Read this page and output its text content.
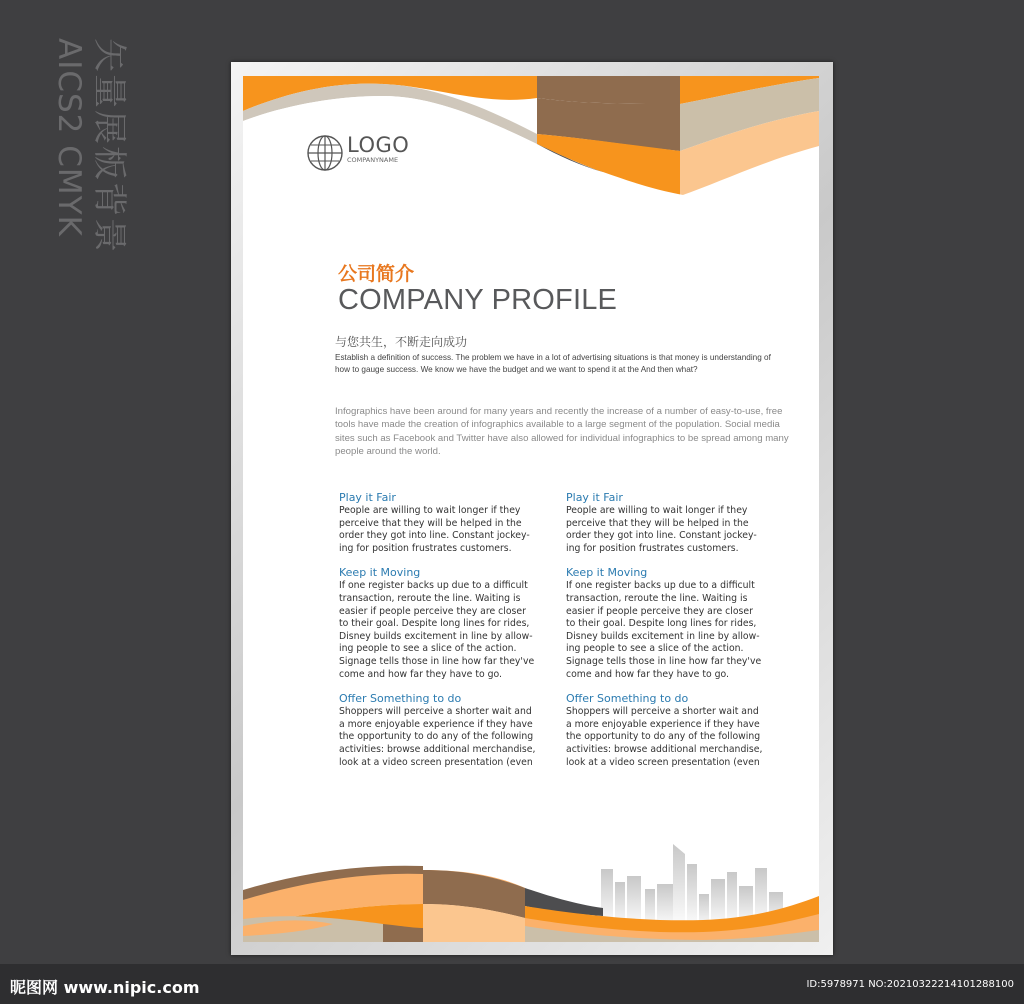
矢量展板背景
AICS2 CMYK	LOGO
COMPANYNAME
公司简介
COMPANY PROFILE
与您共生，不断走向成功
Establish a definition of success. The problem we have in a lot of advertising situations is that money is understanding of how to gauge success. We know we have the budget and we want to spend it at the And then what?
Infographics have been around for many years and recently the increase of a number of easy-to-use, free tools have made the creation of infographics available to a large segment of the population. Social media sites such as Facebook and Twitter have also allowed for individual infographics to be spread among many people around the world.
Play it Fair
People are willing to wait longer if they
perceive that they will be helped in the
order they got into line. Constant jockey-
ing for position frustrates customers.
Keep it Moving
If one register backs up due to a difficult
transaction, reroute the line. Waiting is
easier if people perceive they are closer
to their goal. Despite long lines for rides,
Disney builds excitement in line by allow-
ing people to see a slice of the action.
Signage tells those in line how far they've
come and how far they have to go.
Offer Something to do
Shoppers will perceive a shorter wait and
a more enjoyable experience if they have
the opportunity to do any of the following
activities: browse additional merchandise,
look at a video screen presentation (even
Play it Fair
People are willing to wait longer if they
perceive that they will be helped in the
order they got into line. Constant jockey-
ing for position frustrates customers.
Keep it Moving
If one register backs up due to a difficult
transaction, reroute the line. Waiting is
easier if people perceive they are closer
to their goal. Despite long lines for rides,
Disney builds excitement in line by allow-
ing people to see a slice of the action.
Signage tells those in line how far they've
come and how far they have to go.
Offer Something to do
Shoppers will perceive a shorter wait and
a more enjoyable experience if they have
the opportunity to do any of the following
activities: browse additional merchandise,
look at a video screen presentation (even
昵图网 www.nipic.com	ID:5978971 NO:20210322214101288100
